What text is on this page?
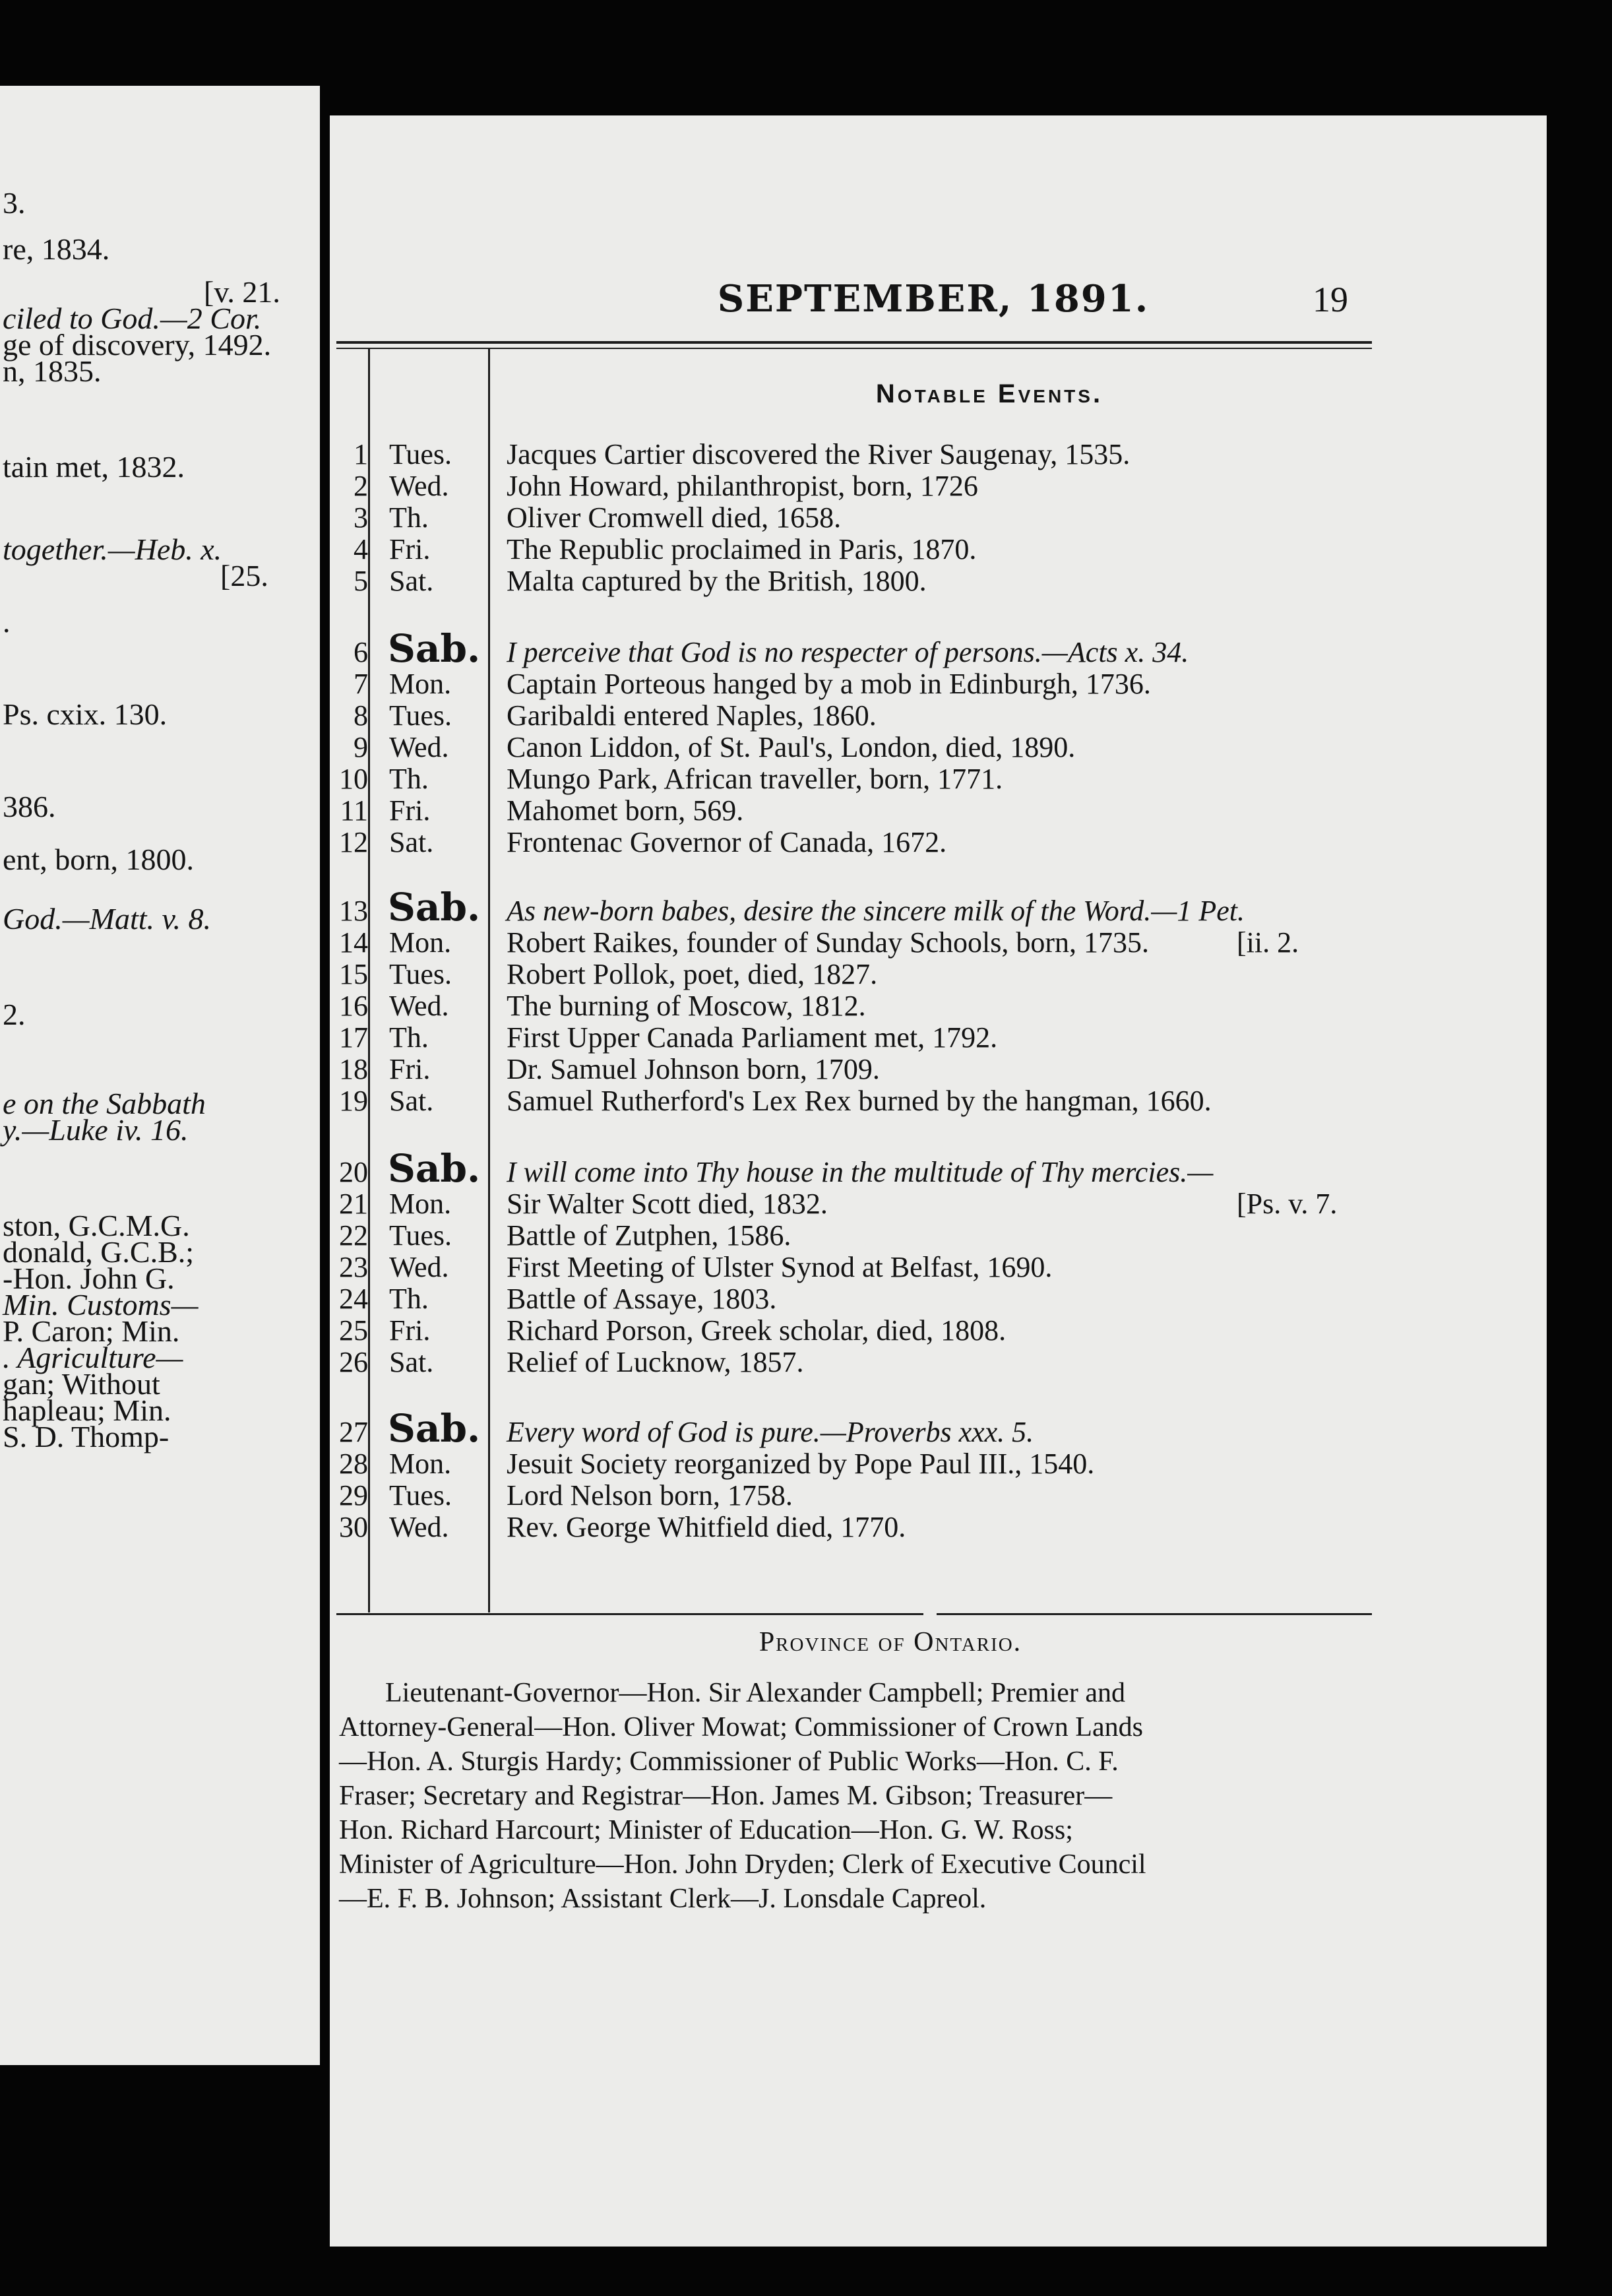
3.
re, 1834.
[v. 21.
ciled to God.—2 Cor.
ge of discovery, 1492.
n, 1835.
tain met, 1832.
together.—Heb. x.
[25.
.
Ps. cxix. 130.
386.
ent, born, 1800.
God.—Matt. v. 8.
2.
e on the Sabbath
y.—Luke iv. 16.
ston, G.C.M.G.
donald, G.C.B.;
-Hon. John G.
Min. Customs—
P. Caron; Min.
. Agriculture—
gan; Without
hapleau; Min.
S. D. Thomp-
SEPTEMBER, 1891.	19
Notable Events.
1 Tues. Jacques Cartier discovered the River Saugenay, 1535.
2 Wed. John Howard, philanthropist, born, 1726
3 Th.	Oliver Cromwell died, 1658.
4 Fri.	The Republic proclaimed in Paris, 1870.
5 Sat.	Malta captured by the British, 1800.
6 Sab. I perceive that God is no respecter of persons.—Acts x. 34.
7 Mon. Captain Porteous hanged by a mob in Edinburgh, 1736.
8 Tues. Garibaldi entered Naples, 1860.
9 Wed. Canon Liddon, of St. Paul's, London, died, 1890.
10 Th.	Mungo Park, African traveller, born, 1771.
11 Fri.	Mahomet born, 569.
12 Sat.	Frontenac Governor of Canada, 1672.
13 Sab. As new-born babes, desire the sincere milk of the Word.—1 Pet.
14 Mon. Robert Raikes, founder of Sunday Schools, born, 1735.	[ii. 2.
15 Tues. Robert Pollok, poet, died, 1827.
16 Wed. The burning of Moscow, 1812.
17 Th.	First Upper Canada Parliament met, 1792.
18 Fri.	Dr. Samuel Johnson born, 1709.
19 Sat.	Samuel Rutherford's Lex Rex burned by the hangman, 1660.
20 Sab. I will come into Thy house in the multitude of Thy mercies.—
21 Mon. Sir Walter Scott died, 1832.	[Ps. v. 7.
22 Tues. Battle of Zutphen, 1586.
23 Wed. First Meeting of Ulster Synod at Belfast, 1690.
24 Th.	Battle of Assaye, 1803.
25 Fri.	Richard Porson, Greek scholar, died, 1808.
26 Sat.	Relief of Lucknow, 1857.
27 Sab. Every word of God is pure.—Proverbs xxx. 5.
28 Mon. Jesuit Society reorganized by Pope Paul III., 1540.
29 Tues. Lord Nelson born, 1758.
30 Wed. Rev. George Whitfield died, 1770.
Province of Ontario.
Lieutenant-Governor—Hon. Sir Alexander Campbell; Premier and
Attorney-General—Hon. Oliver Mowat; Commissioner of Crown Lands
—Hon. A. Sturgis Hardy; Commissioner of Public Works—Hon. C. F.
Fraser; Secretary and Registrar—Hon. James M. Gibson; Treasurer—
Hon. Richard Harcourt; Minister of Education—Hon. G. W. Ross;
Minister of Agriculture—Hon. John Dryden; Clerk of Executive Council
—E. F. B. Johnson; Assistant Clerk—J. Lonsdale Capreol.
